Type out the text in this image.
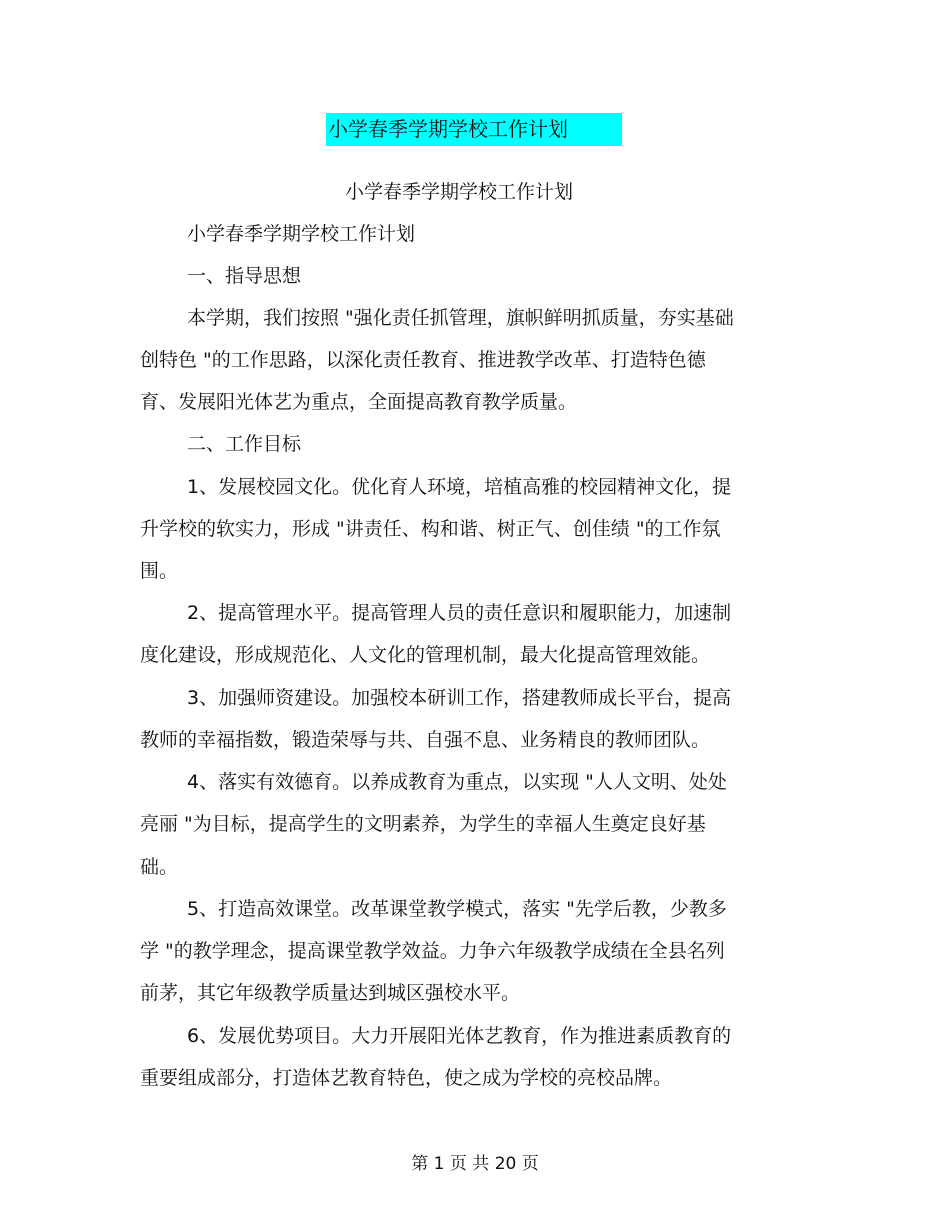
小学春季学期学校工作计划
小学春季学期学校工作计划
小学春季学期学校工作计划
一、指导思想
本学期，我们按照 "强化责任抓管理，旗帜鲜明抓质量，夯实基础
创特色 "的工作思路，以深化责任教育、推进教学改革、打造特色德
育、发展阳光体艺为重点，全面提高教育教学质量。
二、工作目标
1、发展校园文化。优化育人环境，培植高雅的校园精神文化，提
升学校的软实力，形成 "讲责任、构和谐、树正气、创佳绩 "的工作氛
围。
2、提高管理水平。提高管理人员的责任意识和履职能力，加速制
度化建设，形成规范化、人文化的管理机制，最大化提高管理效能。
3、加强师资建设。加强校本研训工作，搭建教师成长平台，提高
教师的幸福指数，锻造荣辱与共、自强不息、业务精良的教师团队。
4、落实有效德育。以养成教育为重点，以实现 "人人文明、处处
亮丽 "为目标，提高学生的文明素养，为学生的幸福人生奠定良好基
础。
5、打造高效课堂。改革课堂教学模式，落实 "先学后教，少教多
学 "的教学理念，提高课堂教学效益。力争六年级教学成绩在全县名列
前茅，其它年级教学质量达到城区强校水平。
6、发展优势项目。大力开展阳光体艺教育，作为推进素质教育的
重要组成部分，打造体艺教育特色，使之成为学校的亮校品牌。
第 1 页 共 20 页
